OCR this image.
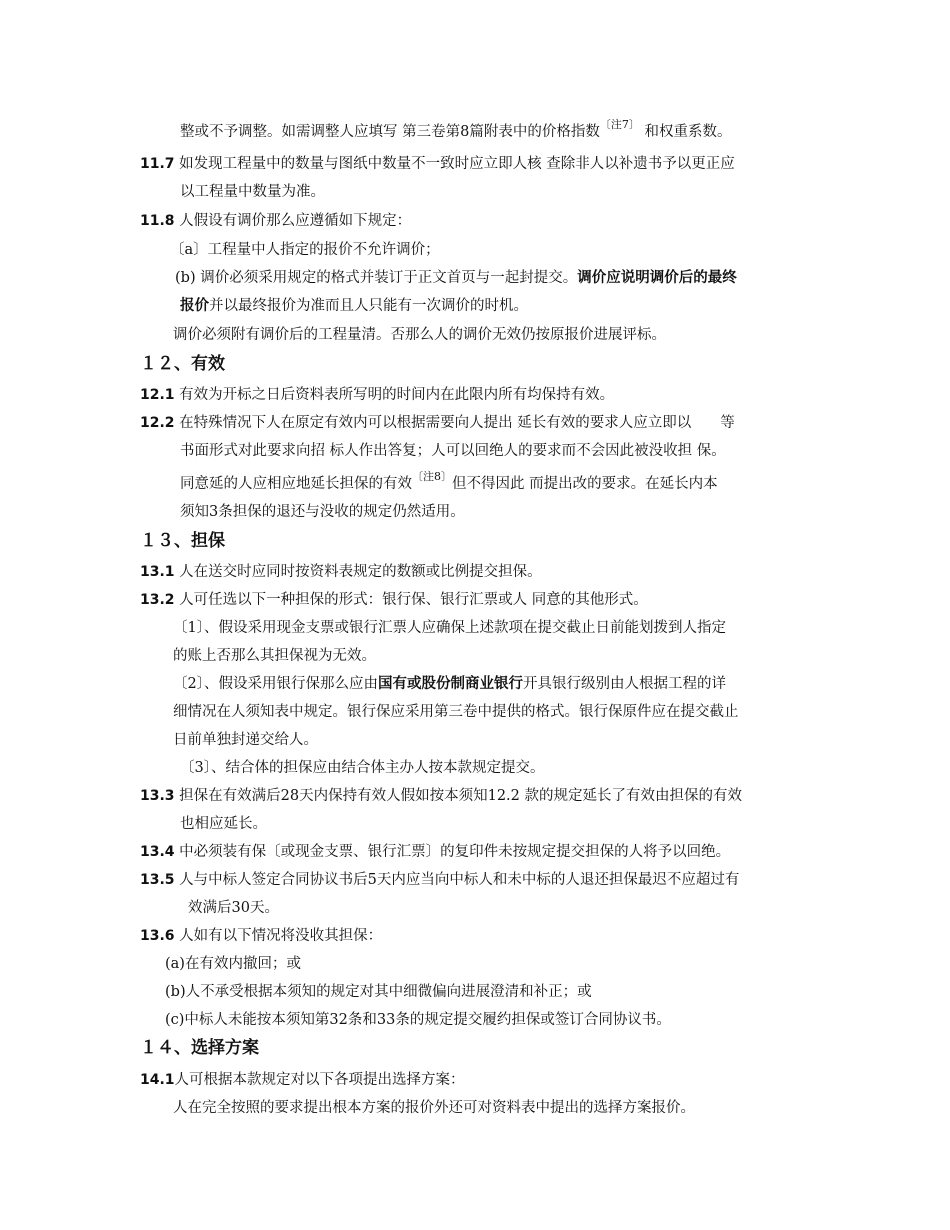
整或不予调整。如需调整人应填写 第三卷第8篇附表中的价格指数$^{〔注7〕}$ 和权重系数。
11.7 如发现工程量中的数量与图纸中数量不一致时应立即人核 查除非人以补遗书予以更正应
以工程量中数量为准。
11.8 人假设有调价那么应遵循如下规定：
〔a〕工程量中人指定的报价不允许调价；
(b) 调价必须采用规定的格式并装订于正文首页与一起封提交。调价应说明调价后的最终
报价并以最终报价为准而且人只能有一次调价的时机。
调价必须附有调价后的工程量清。否那么人的调价无效仍按原报价进展评标。
１２、有效
12.1 有效为开标之日后资料表所写明的时间内在此限内所有均保持有效。
12.2 在特殊情况下人在原定有效内可以根据需要向人提出 延长有效的要求人应立即以　　等
书面形式对此要求向招 标人作出答复；人可以回绝人的要求而不会因此被没收担 保。
同意延的人应相应地延长担保的有效$^{〔注8〕}$但不得因此 而提出改的要求。在延长内本
须知3条担保的退还与没收的规定仍然适用。
１３、担保
13.1 人在送交时应同时按资料表规定的数额或比例提交担保。
13.2 人可任选以下一种担保的形式：银行保、银行汇票或人 同意的其他形式。
〔1〕、假设采用现金支票或银行汇票人应确保上述款项在提交截止日前能划拨到人指定
的账上否那么其担保视为无效。
〔2〕、假设采用银行保那么应由国有或股份制商业银行开具银行级别由人根据工程的详
细情况在人须知表中规定。银行保应采用第三卷中提供的格式。银行保原件应在提交截止
日前单独封递交给人。
〔3〕、结合体的担保应由结合体主办人按本款规定提交。
13.3 担保在有效满后28天内保持有效人假如按本须知12.2 款的规定延长了有效由担保的有效
也相应延长。
13.4 中必须装有保〔或现金支票、银行汇票〕的复印件未按规定提交担保的人将予以回绝。
13.5 人与中标人签定合同协议书后5天内应当向中标人和未中标的人退还担保最迟不应超过有
效满后30天。
13.6 人如有以下情况将没收其担保：
(a)在有效内撤回；或
(b)人不承受根据本须知的规定对其中细微偏向进展澄清和补正；或
(c)中标人未能按本须知第32条和33条的规定提交履约担保或签订合同协议书。
１４、选择方案
14.1人可根据本款规定对以下各项提出选择方案：
人在完全按照的要求提出根本方案的报价外还可对资料表中提出的选择方案报价。
